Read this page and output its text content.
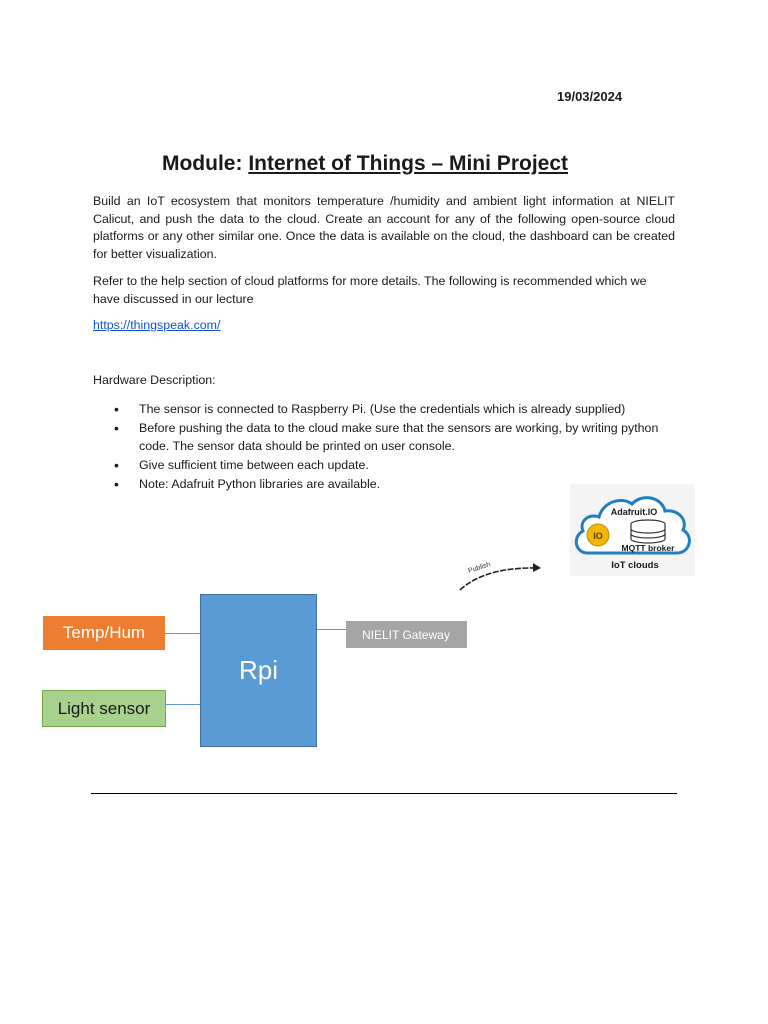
19/03/2024
Module: Internet of Things – Mini Project
Build an IoT ecosystem that monitors temperature /humidity and ambient light information at NIELIT Calicut, and push the data to the cloud. Create an account for any of the following open-source cloud platforms or any other similar one. Once the data is available on the cloud, the dashboard can be created for better visualization.
Refer to the help section of cloud platforms for more details. The following is recommended which we have discussed in our lecture
https://thingspeak.com/
Hardware Description:
• The sensor is connected to Raspberry Pi. (Use the credentials which is already supplied)
• Before pushing the data to the cloud make sure that the sensors are working, by writing python code. The sensor data should be printed on user console.
• Give sufficient time between each update.
• Note: Adafruit Python libraries are available.
Adafruit.IO
IO
MQTT broker
IoT clouds
Publish
Temp/Hum
Light sensor
Rpi
NIELIT Gateway
